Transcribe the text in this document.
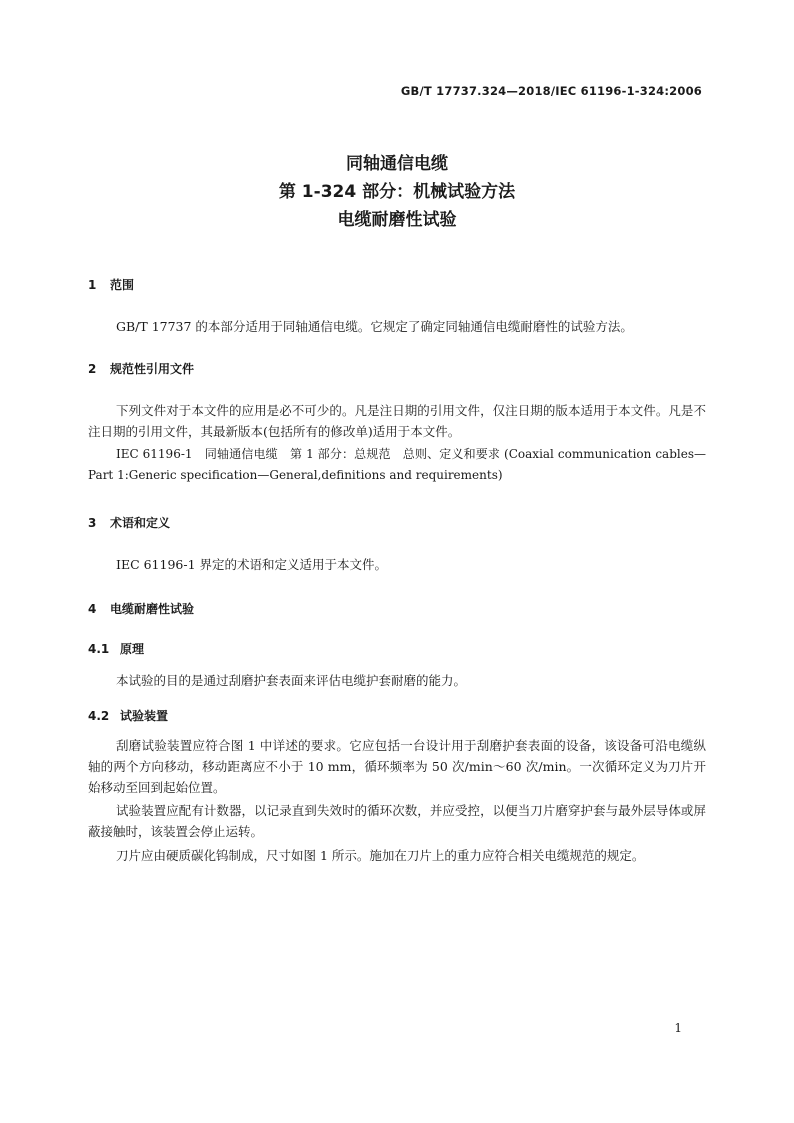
GB/T 17737.324—2018/IEC 61196-1-324:2006
同轴通信电缆
第 1-324 部分：机械试验方法
电缆耐磨性试验
1 范围
GB/T 17737 的本部分适用于同轴通信电缆。它规定了确定同轴通信电缆耐磨性的试验方法。
2 规范性引用文件
下列文件对于本文件的应用是必不可少的。凡是注日期的引用文件，仅注日期的版本适用于本文件。凡是不注日期的引用文件，其最新版本(包括所有的修改单)适用于本文件。
IEC 61196-1　同轴通信电缆　第 1 部分：总规范　总则、定义和要求 (Coaxial communication cables—Part 1:Generic specification—General,definitions and requirements)
3 术语和定义
IEC 61196-1 界定的术语和定义适用于本文件。
4 电缆耐磨性试验
4.1 原理
本试验的目的是通过刮磨护套表面来评估电缆护套耐磨的能力。
4.2 试验装置
刮磨试验装置应符合图 1 中详述的要求。它应包括一台设计用于刮磨护套表面的设备，该设备可沿电缆纵轴的两个方向移动，移动距离应不小于 10 mm，循环频率为 50 次/min～60 次/min。一次循环定义为刀片开始移动至回到起始位置。
试验装置应配有计数器，以记录直到失效时的循环次数，并应受控，以便当刀片磨穿护套与最外层导体或屏蔽接触时，该装置会停止运转。
刀片应由硬质碳化钨制成，尺寸如图 1 所示。施加在刀片上的重力应符合相关电缆规范的规定。
1
